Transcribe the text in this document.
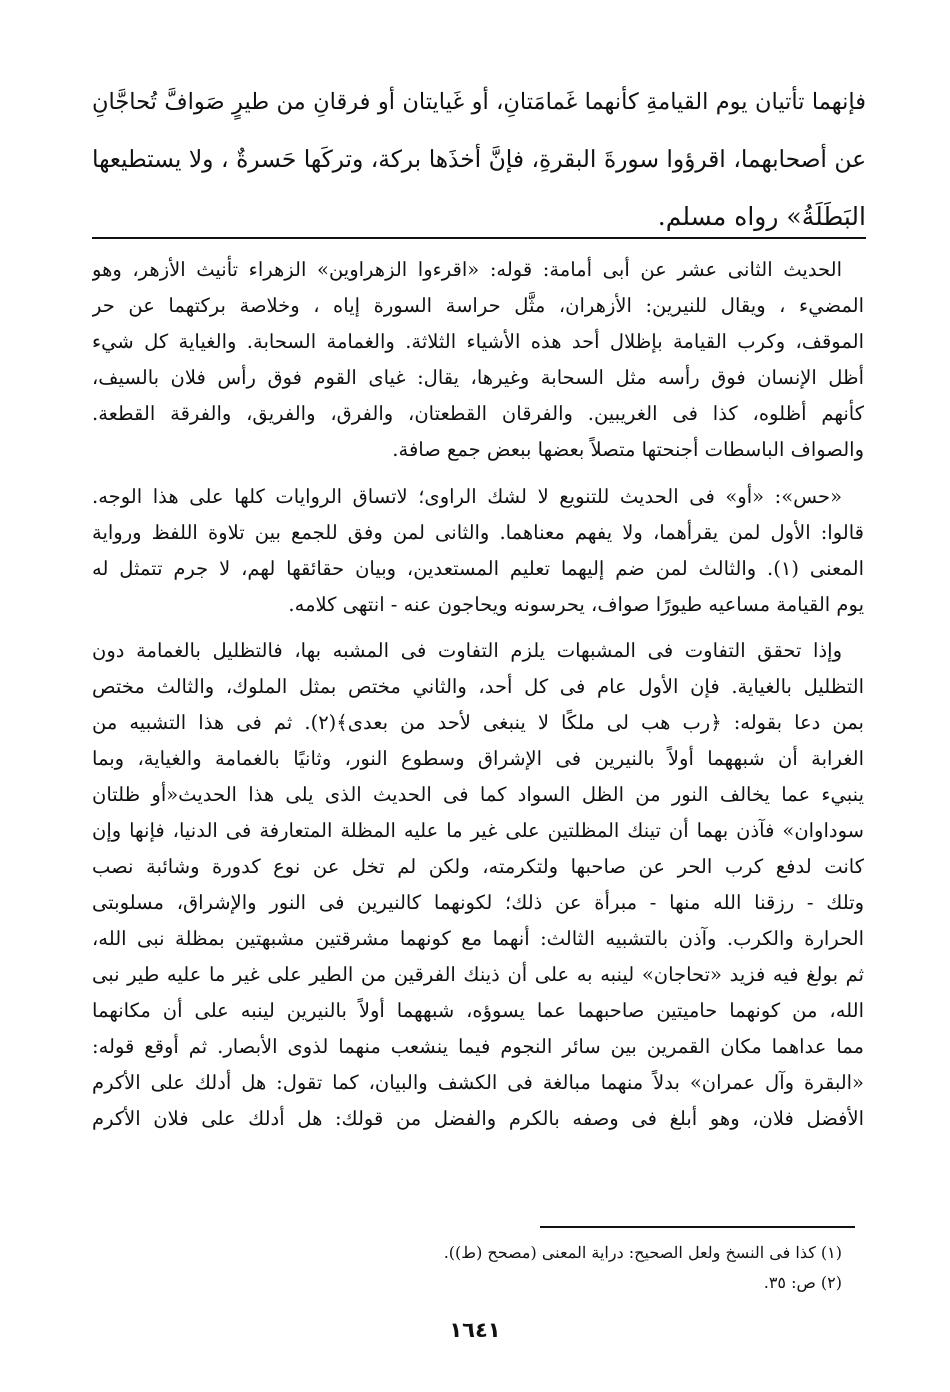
فإنهما تأتيان يوم القيامةِ كأنهما غَمامَتانِ، أو غَيايتان أو فرقانِ من طيرٍ صَوافَّ تُحاجَّانِ
عن أصحابهما، اقرؤوا سورةَ البقرةِ، فإنَّ أخذَها بركة، وتركَها حَسرةٌ ، ولا يستطيعها
البَطَلَةُ» رواه مسلم.
الحديث الثانى عشر عن أبى أمامة: قوله: «اقرءوا الزهراوين» الزهراء تأنيث الأزهر، وهو
المضيء ، ويقال للنيرين: الأزهران، مثَّل حراسة السورة إياه ، وخلاصة بركتهما عن حر
الموقف، وكرب القيامة بإظلال أحد هذه الأشياء الثلاثة. والغمامة السحابة. والغياية كل شيء
أظل الإنسان فوق رأسه مثل السحابة وغيرها، يقال: غياى القوم فوق رأس فلان بالسيف،
كأنهم أظلوه، كذا فى الغريبين. والفرقان القطعتان، والفرق، والفريق، والفرقة القطعة.
والصواف الباسطات أجنحتها متصلاً بعضها ببعض جمع صافة.
«حس»: «أو» فى الحديث للتنويع لا لشك الراوى؛ لاتساق الروايات كلها على هذا الوجه.
قالوا: الأول لمن يقرأهما، ولا يفهم معناهما. والثانى لمن وفق للجمع بين تلاوة اللفظ ورواية
المعنى (١). والثالث لمن ضم إليهما تعليم المستعدين، وبيان حقائقها لهم، لا جرم تتمثل له
يوم القيامة مساعيه طيورًا صواف، يحرسونه ويحاجون عنه - انتهى كلامه.
وإذا تحقق التفاوت فى المشبهات يلزم التفاوت فى المشبه بها، فالتظليل بالغمامة دون
التظليل بالغياية. فإن الأول عام فى كل أحد، والثاني مختص بمثل الملوك، والثالث مختص
بمن دعا بقوله: ﴿رب هب لى ملكًا لا ينبغى لأحد من بعدى﴾(٢). ثم فى هذا التشبيه من
الغرابة أن شبههما أولاً بالنيرين فى الإشراق وسطوع النور، وثانيًا بالغمامة والغياية، وبما
ينبيء عما يخالف النور من الظل السواد كما فى الحديث الذى يلى هذا الحديث«أو ظلتان
سوداوان» فآذن بهما أن تينك المظلتين على غير ما عليه المظلة المتعارفة فى الدنيا، فإنها وإن
كانت لدفع كرب الحر عن صاحبها ولتكرمته، ولكن لم تخل عن نوع كدورة وشائبة نصب
وتلك - رزقنا الله منها - مبرأة عن ذلك؛ لكونهما كالنيرين فى النور والإشراق، مسلوبتى
الحرارة والكرب. وآذن بالتشبيه الثالث: أنهما مع كونهما مشرقتين مشبهتين بمظلة نبى الله،
ثم بولغ فيه فزيد «تحاجان» لينبه به على أن ذينك الفرقين من الطير على غير ما عليه طير نبى
الله، من كونهما حاميتين صاحبهما عما يسوؤه، شبههما أولاً بالنيرين لينبه على أن مكانهما
مما عداهما مكان القمرين بين سائر النجوم فيما ينشعب منهما لذوى الأبصار. ثم أوقع قوله:
«البقرة وآل عمران» بدلاً منهما مبالغة فى الكشف والبيان، كما تقول: هل أدلك على الأكرم
الأفضل فلان، وهو أبلغ فى وصفه بالكرم والفضل من قولك: هل أدلك على فلان الأكرم
(١) كذا فى النسخ ولعل الصحيح: دراية المعنى (مصحح (ط)).
(٢) ص: ٣٥.
١٦٤١
